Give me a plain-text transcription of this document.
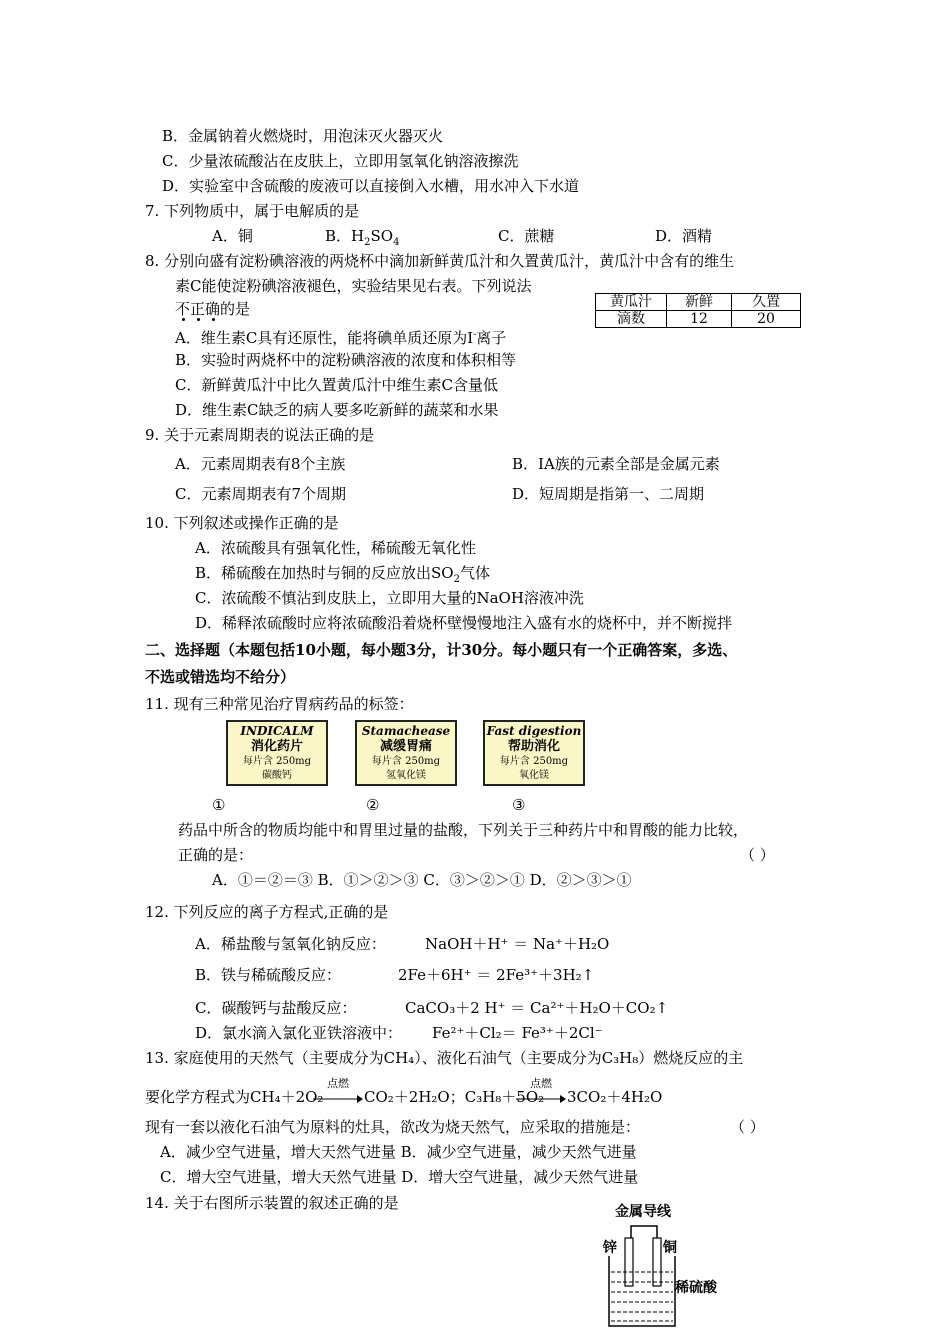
B．金属钠着火燃烧时，用泡沫灭火器灭火
C．少量浓硫酸沾在皮肤上，立即用氢氧化钠溶液擦洗
D．实验室中含硫酸的废液可以直接倒入水槽，用水冲入下水道
7. 下列物质中，属于电解质的是
A．铜	B．$H_2SO_4$	C．蔗糖	D．酒精
8. 分别向盛有淀粉碘溶液的两烧杯中滴加新鲜黄瓜汁和久置黄瓜汁，黄瓜汁中含有的维生
素C能使淀粉碘溶液褪色，实验结果见右表。下列说法
不正确的是	黄瓜汁	新鲜	久置
滴数	12	20
A．维生素C具有还原性，能将碘单质还原为I-离子
B．实验时两烧杯中的淀粉碘溶液的浓度和体积相等
C．新鲜黄瓜汁中比久置黄瓜汁中维生素C含量低
D．维生素C缺乏的病人要多吃新鲜的蔬菜和水果
9. 关于元素周期表的说法正确的是
A．元素周期表有8个主族	B．ⅠA族的元素全部是金属元素
C．元素周期表有7个周期	D．短周期是指第一、二周期
10. 下列叙述或操作正确的是
A．浓硫酸具有强氧化性，稀硫酸无氧化性
B．稀硫酸在加热时与铜的反应放出$SO_2$气体
C．浓硫酸不慎沾到皮肤上，立即用大量的NaOH溶液冲洗
D．稀释浓硫酸时应将浓硫酸沿着烧杯壁慢慢地注入盛有水的烧杯中，并不断搅拌
二、选择题（本题包括10小题，每小题3分，计30分。每小题只有一个正确答案，多选、
不选或错选均不给分）
11. 现有三种常见治疗胃病药品的标签：
INDICALM
消化药片
每片含 250mg
碳酸钙
Stamachease
减缓胃痛
每片含 250mg
氢氧化镁
Fast digestion
帮助消化
每片含 250mg
氧化镁
①	②	③
药品中所含的物质均能中和胃里过量的盐酸，下列关于三种药片中和胃酸的能力比较，
正确的是：	（ ）
A．①＝②＝③ B．①＞②＞③ C．③＞②＞① D．②＞③＞①
12. 下列反应的离子方程式,正确的是
A．稀盐酸与氢氧化钠反应：	NaOH＋H⁺ ＝ Na⁺＋H₂O
B．铁与稀硫酸反应：	2Fe＋6H⁺ ＝ 2Fe³⁺＋3H₂↑
C．碳酸钙与盐酸反应：	CaCO₃＋2 H⁺ ＝ Ca²⁺＋H₂O＋CO₂↑
D．氯水滴入氯化亚铁溶液中： Fe²⁺＋Cl₂＝ Fe³⁺＋2Cl⁻
13. 家庭使用的天然气（主要成分为CH₄）、液化石油气（主要成分为C₃H₈）燃烧反应的主
要化学方程式为CH₄＋2O₂
点燃
CO₂＋2H₂O；C₃H₈＋5O₂
点燃
3CO₂＋4H₂O
现有一套以液化石油气为原料的灶具，欲改为烧天然气，应采取的措施是：	（ ）
A．减少空气进量，增大天然气进量 B．减少空气进量，减少天然气进量
C．增大空气进量，增大天然气进量 D．增大空气进量，减少天然气进量
14. 关于右图所示装置的叙述正确的是	金属导线
锌	铜
稀硫酸
